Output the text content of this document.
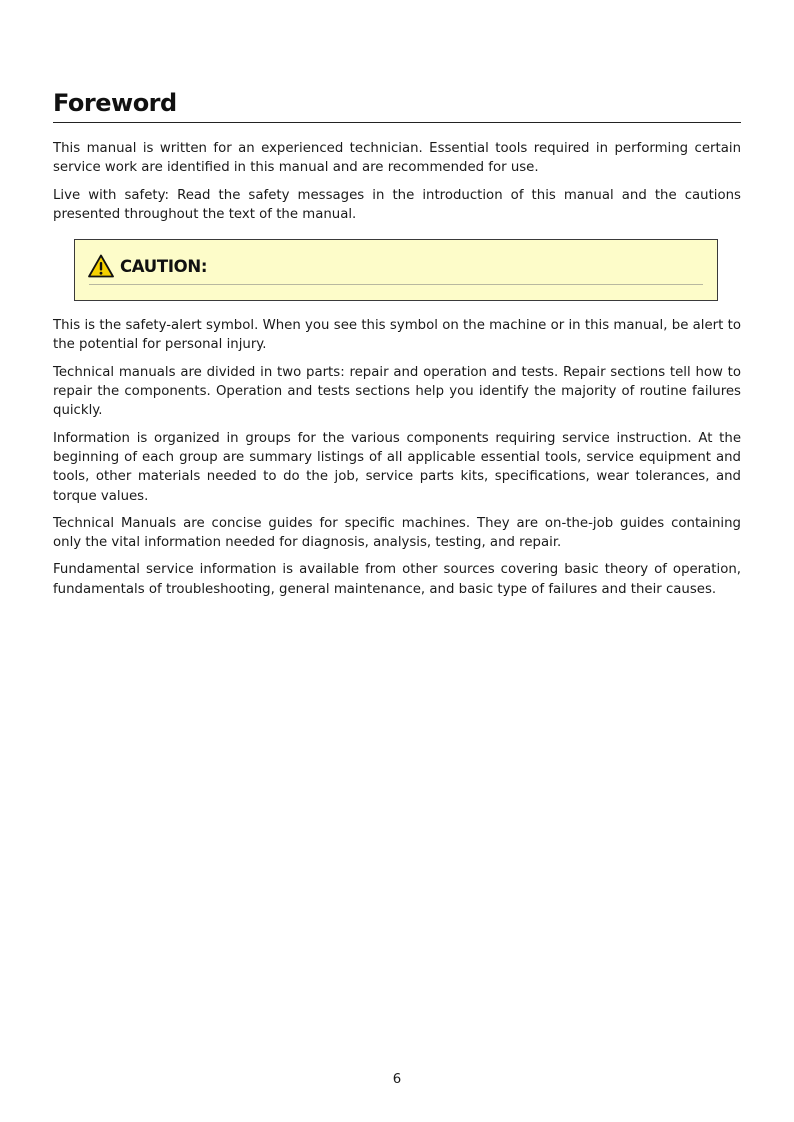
Foreword

This manual is written for an experienced technician. Essential tools required in performing certain service work are identified in this manual and are recommended for use.

Live with safety: Read the safety messages in the introduction of this manual and the cautions presented throughout the text of the manual.

CAUTION:

This is the safety-alert symbol. When you see this symbol on the machine or in this manual, be alert to the potential for personal injury.

Technical manuals are divided in two parts: repair and operation and tests. Repair sections tell how to repair the components. Operation and tests sections help you identify the majority of routine failures quickly.

Information is organized in groups for the various components requiring service instruction. At the beginning of each group are summary listings of all applicable essential tools, service equipment and tools, other materials needed to do the job, service parts kits, specifications, wear tolerances, and torque values.

Technical Manuals are concise guides for specific machines. They are on-the-job guides containing only the vital information needed for diagnosis, analysis, testing, and repair.

Fundamental service information is available from other sources covering basic theory of operation, fundamentals of troubleshooting, general maintenance, and basic type of failures and their causes.

6
